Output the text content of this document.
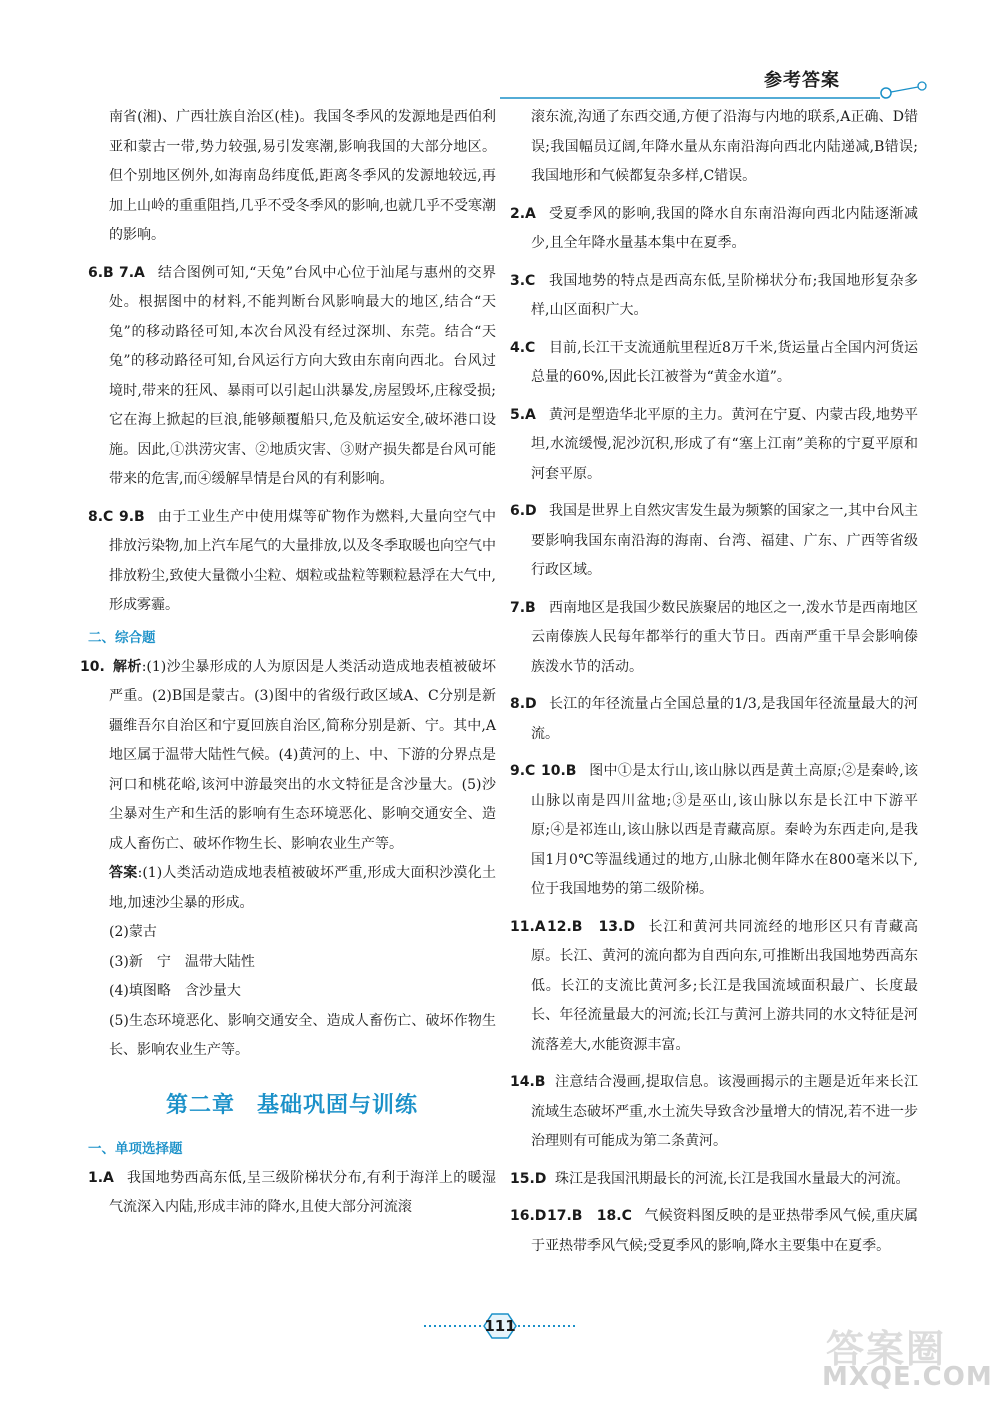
参考答案
南省(湘)、广西壮族自治区(桂)。我国冬季风的发源地是西伯利亚和蒙古一带,势力较强,易引发寒潮,影响我国的大部分地区。但个别地区例外,如海南岛纬度低,距离冬季风的发源地较远,再加上山岭的重重阻挡,几乎不受冬季风的影响,也就几乎不受寒潮的影响。
6.B 7.A 结合图例可知,“天兔”台风中心位于汕尾与惠州的交界处。根据图中的材料,不能判断台风影响最大的地区,结合“天兔”的移动路径可知,本次台风没有经过深圳、东莞。结合“天兔”的移动路径可知,台风运行方向大致由东南向西北。台风过境时,带来的狂风、暴雨可以引起山洪暴发,房屋毁坏,庄稼受损;它在海上掀起的巨浪,能够颠覆船只,危及航运安全,破坏港口设施。因此,①洪涝灾害、②地质灾害、③财产损失都是台风可能带来的危害,而④缓解旱情是台风的有利影响。
8.C 9.B 由于工业生产中使用煤等矿物作为燃料,大量向空气中排放污染物,加上汽车尾气的大量排放,以及冬季取暖也向空气中排放粉尘,致使大量微小尘粒、烟粒或盐粒等颗粒悬浮在大气中,形成雾霾。
二、综合题
10. 解析:(1)沙尘暴形成的人为原因是人类活动造成地表植被破坏严重。(2)B国是蒙古。(3)图中的省级行政区域A、C分别是新疆维吾尔自治区和宁夏回族自治区,简称分别是新、宁。其中,A地区属于温带大陆性气候。(4)黄河的上、中、下游的分界点是河口和桃花峪,该河中游最突出的水文特征是含沙量大。(5)沙尘暴对生产和生活的影响有生态环境恶化、影响交通安全、造成人畜伤亡、破坏作物生长、影响农业生产等。
答案:(1)人类活动造成地表植被破坏严重,形成大面积沙漠化土地,加速沙尘暴的形成。
(2)蒙古
(3)新　宁　温带大陆性
(4)填图略　含沙量大
(5)生态环境恶化、影响交通安全、造成人畜伤亡、破坏作物生长、影响农业生产等。
第二章 基础巩固与训练
一、单项选择题
1.A 我国地势西高东低,呈三级阶梯状分布,有利于海洋上的暖湿气流深入内陆,形成丰沛的降水,且使大部分河流滚
滚东流,沟通了东西交通,方便了沿海与内地的联系,A正确、D错误;我国幅员辽阔,年降水量从东南沿海向西北内陆递减,B错误;我国地形和气候都复杂多样,C错误。
2.A 受夏季风的影响,我国的降水自东南沿海向西北内陆逐渐减少,且全年降水量基本集中在夏季。
3.C 我国地势的特点是西高东低,呈阶梯状分布;我国地形复杂多样,山区面积广大。
4.C 目前,长江干支流通航里程近8万千米,货运量占全国内河货运总量的60%,因此长江被誉为“黄金水道”。
5.A 黄河是塑造华北平原的主力。黄河在宁夏、内蒙古段,地势平坦,水流缓慢,泥沙沉积,形成了有“塞上江南”美称的宁夏平原和河套平原。
6.D 我国是世界上自然灾害发生最为频繁的国家之一,其中台风主要影响我国东南沿海的海南、台湾、福建、广东、广西等省级行政区域。
7.B 西南地区是我国少数民族聚居的地区之一,泼水节是西南地区云南傣族人民每年都举行的重大节日。西南严重干旱会影响傣族泼水节的活动。
8.D 长江的年径流量占全国总量的1/3,是我国年径流量最大的河流。
9.C 10.B 图中①是太行山,该山脉以西是黄土高原;②是秦岭,该山脉以南是四川盆地;③是巫山,该山脉以东是长江中下游平原;④是祁连山,该山脉以西是青藏高原。秦岭为东西走向,是我国1月0℃等温线通过的地方,山脉北侧年降水在800毫米以下,位于我国地势的第二级阶梯。
11.A 12.B　13.D 长江和黄河共同流经的地形区只有青藏高原。长江、黄河的流向都为自西向东,可推断出我国地势西高东低。长江的支流比黄河多;长江是我国流域面积最广、长度最长、年径流量最大的河流;长江与黄河上游共同的水文特征是河流落差大,水能资源丰富。
14.B 注意结合漫画,提取信息。该漫画揭示的主题是近年来长江流域生态破坏严重,水土流失导致含沙量增大的情况,若不进一步治理则有可能成为第二条黄河。
15.D 珠江是我国汛期最长的河流,长江是我国水量最大的河流。
16.D 17.B　18.C 气候资料图反映的是亚热带季风气候,重庆属于亚热带季风气候;受夏季风的影响,降水主要集中在夏季。
111
答案圈
MXQE.COM
